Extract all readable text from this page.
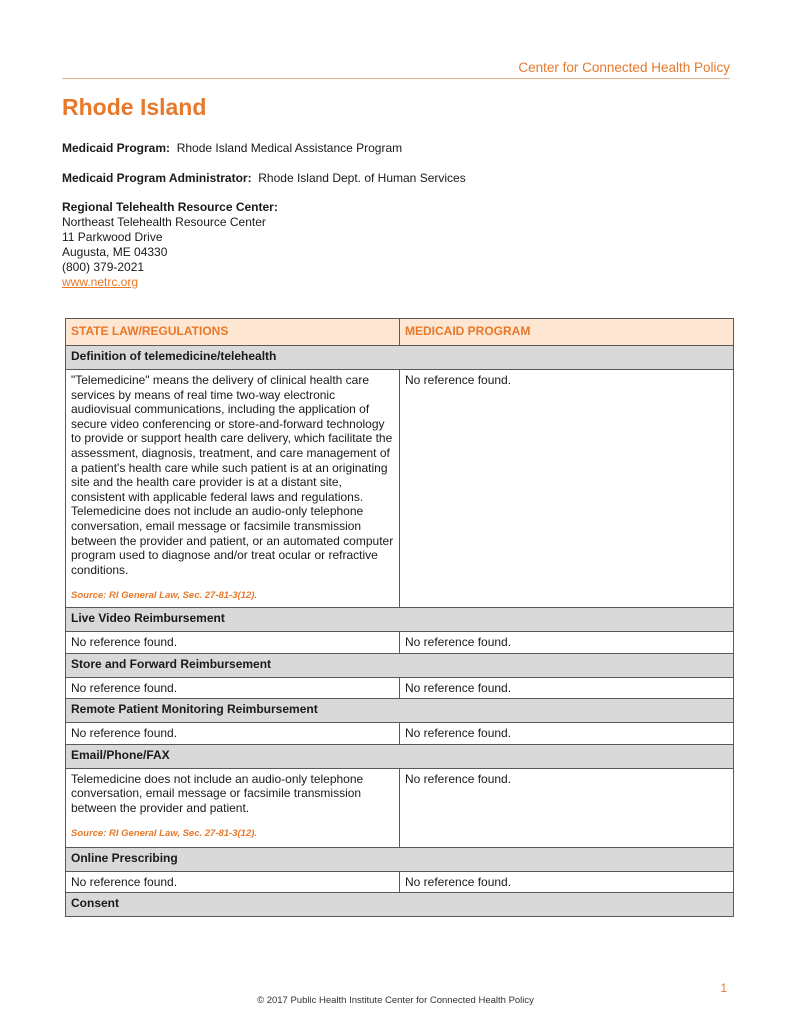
Center for Connected Health Policy
Rhode Island
Medicaid Program: Rhode Island Medical Assistance Program
Medicaid Program Administrator: Rhode Island Dept. of Human Services
Regional Telehealth Resource Center:
Northeast Telehealth Resource Center
11 Parkwood Drive
Augusta, ME 04330
(800) 379-2021
www.netrc.org
STATE LAW/REGULATIONS	MEDICAID PROGRAM
Definition of telemedicine/telehealth	
"Telemedicine" means the delivery of clinical health care services by means of real time two-way electronic audiovisual communications, including the application of secure video conferencing or store-and-forward technology to provide or support health care delivery, which facilitate the assessment, diagnosis, treatment, and care management of a patient's health care while such patient is at an originating site and the health care provider is at a distant site, consistent with applicable federal laws and regulations. Telemedicine does not include an audio-only telephone conversation, email message or facsimile transmission between the provider and patient, or an automated computer program used to diagnose and/or treat ocular or refractive conditions.
Source: RI General Law, Sec. 27-81-3(12).	No reference found.
Live Video Reimbursement	
No reference found.	No reference found.
Store and Forward Reimbursement	
No reference found.	No reference found.
Remote Patient Monitoring Reimbursement	
No reference found.	No reference found.
Email/Phone/FAX	
Telemedicine does not include an audio-only telephone conversation, email message or facsimile transmission between the provider and patient.
Source: RI General Law, Sec. 27-81-3(12).	No reference found.
Online Prescribing	
No reference found.	No reference found.
Consent	
1
© 2017 Public Health Institute Center for Connected Health Policy
